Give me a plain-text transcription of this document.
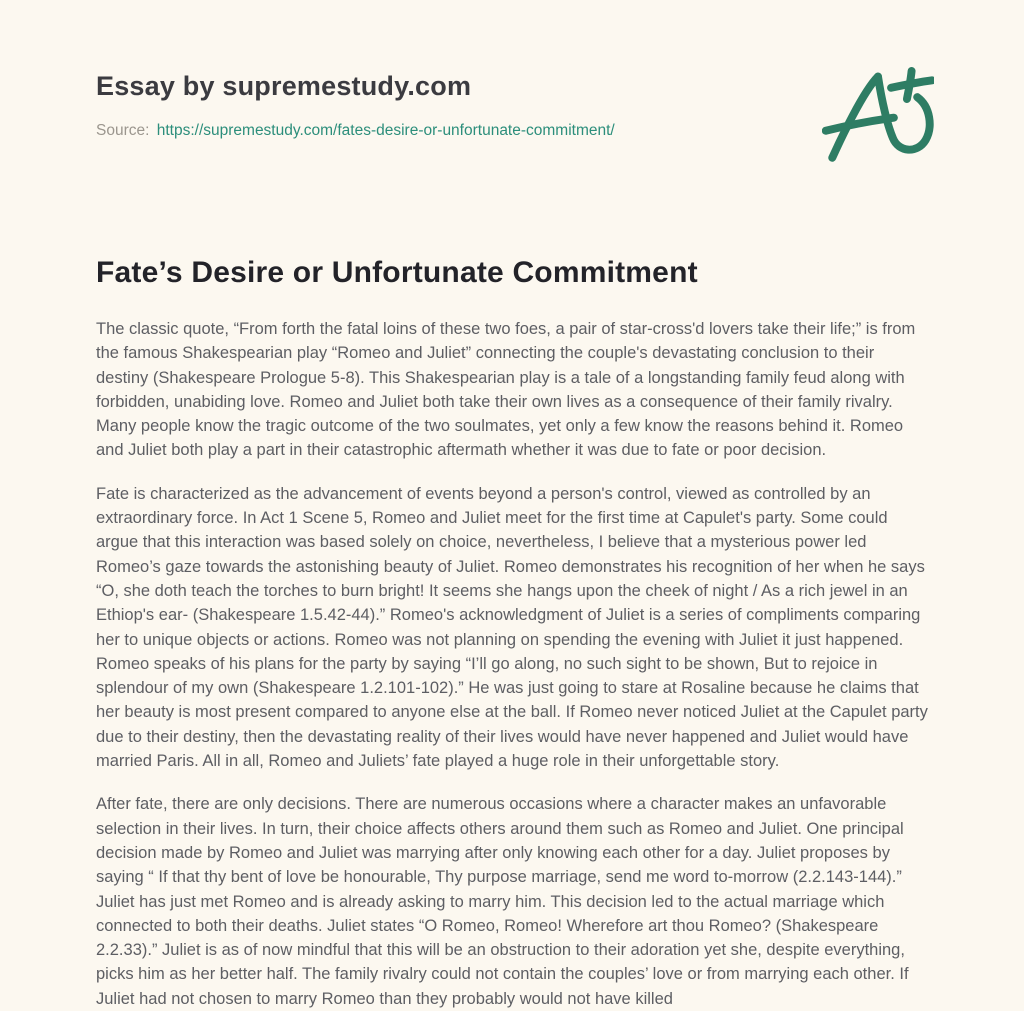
Essay by supremestudy.com

Source: https://supremestudy.com/fates-desire-or-unfortunate-commitment/

Fate’s Desire or Unfortunate Commitment

The classic quote, “From forth the fatal loins of these two foes, a pair of star-cross'd lovers take their life;” is from the famous Shakespearian play “Romeo and Juliet” connecting the couple's devastating conclusion to their destiny (Shakespeare Prologue 5-8). This Shakespearian play is a tale of a longstanding family feud along with forbidden, unabiding love. Romeo and Juliet both take their own lives as a consequence of their family rivalry. Many people know the tragic outcome of the two soulmates, yet only a few know the reasons behind it. Romeo and Juliet both play a part in their catastrophic aftermath whether it was due to fate or poor decision.

Fate is characterized as the advancement of events beyond a person's control, viewed as controlled by an extraordinary force. In Act 1 Scene 5, Romeo and Juliet meet for the first time at Capulet's party. Some could argue that this interaction was based solely on choice, nevertheless, I believe that a mysterious power led Romeo’s gaze towards the astonishing beauty of Juliet. Romeo demonstrates his recognition of her when he says “O, she doth teach the torches to burn bright! It seems she hangs upon the cheek of night / As a rich jewel in an Ethiop's ear- (Shakespeare 1.5.42-44).” Romeo's acknowledgment of Juliet is a series of compliments comparing her to unique objects or actions. Romeo was not planning on spending the evening with Juliet it just happened. Romeo speaks of his plans for the party by saying “I’ll go along, no such sight to be shown, But to rejoice in splendour of my own (Shakespeare 1.2.101-102).” He was just going to stare at Rosaline because he claims that her beauty is most present compared to anyone else at the ball. If Romeo never noticed Juliet at the Capulet party due to their destiny, then the devastating reality of their lives would have never happened and Juliet would have married Paris. All in all, Romeo and Juliets’ fate played a huge role in their unforgettable story.

After fate, there are only decisions. There are numerous occasions where a character makes an unfavorable selection in their lives. In turn, their choice affects others around them such as Romeo and Juliet. One principal decision made by Romeo and Juliet was marrying after only knowing each other for a day. Juliet proposes by saying “ If that thy bent of love be honourable, Thy purpose marriage, send me word to-morrow (2.2.143-144).” Juliet has just met Romeo and is already asking to marry him. This decision led to the actual marriage which connected to both their deaths. Juliet states “O Romeo, Romeo! Wherefore art thou Romeo? (Shakespeare 2.2.33).” Juliet is as of now mindful that this will be an obstruction to their adoration yet she, despite everything, picks him as her better half. The family rivalry could not contain the couples’ love or from marrying each other. If Juliet had not chosen to marry Romeo than they probably would not have killed
